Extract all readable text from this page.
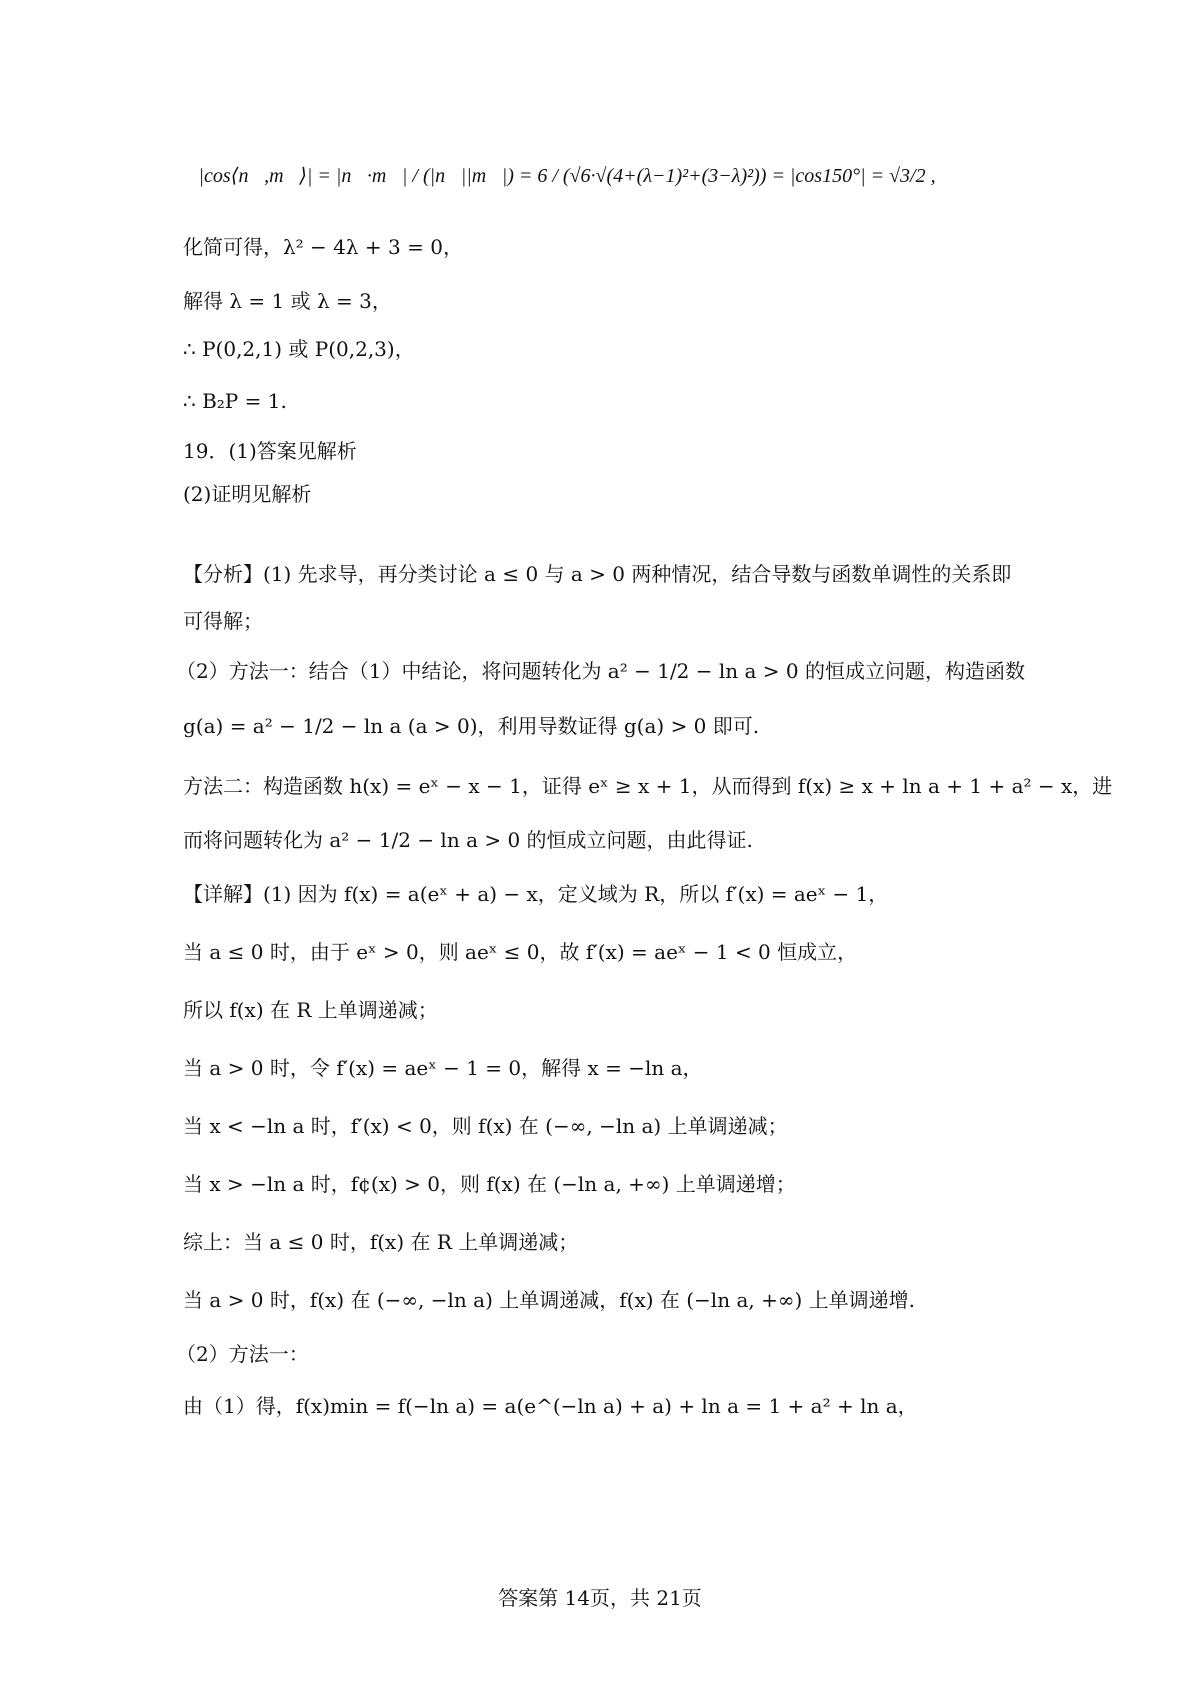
∴|cos⟨n⃗,m⃗⟩| = |n⃗·m⃗| / (|n⃗||m⃗|) = 6 / (√6·√(4+(λ−1)²+(3−λ)²)) = |cos150°| = √3/2 ,
化简可得，λ² − 4λ + 3 = 0，
解得 λ = 1 或 λ = 3，
∴ P(0,2,1) 或 P(0,2,3)，
∴ B₂P = 1.
19．(1)答案见解析
(2)证明见解析
【分析】(1) 先求导，再分类讨论 a ≤ 0 与 a > 0 两种情况，结合导数与函数单调性的关系即
可得解；
（2）方法一：结合（1）中结论，将问题转化为 a² − 1/2 − ln a > 0 的恒成立问题，构造函数
g(a) = a² − 1/2 − ln a (a > 0)，利用导数证得 g(a) > 0 即可.
方法二：构造函数 h(x) = eˣ − x − 1，证得 eˣ ≥ x + 1，从而得到 f(x) ≥ x + ln a + 1 + a² − x，进
而将问题转化为 a² − 1/2 − ln a > 0 的恒成立问题，由此得证.
【详解】(1) 因为 f(x) = a(eˣ + a) − x，定义域为 R，所以 f′(x) = aeˣ − 1，
当 a ≤ 0 时，由于 eˣ > 0，则 aeˣ ≤ 0，故 f′(x) = aeˣ − 1 < 0 恒成立，
所以 f(x) 在 R 上单调递减；
当 a > 0 时，令 f′(x) = aeˣ − 1 = 0，解得 x = −ln a，
当 x < −ln a 时，f′(x) < 0，则 f(x) 在 (−∞, −ln a) 上单调递减；
当 x > −ln a 时，f¢(x) > 0，则 f(x) 在 (−ln a, +∞) 上单调递增；
综上：当 a ≤ 0 时，f(x) 在 R 上单调递减；
当 a > 0 时，f(x) 在 (−∞, −ln a) 上单调递减，f(x) 在 (−ln a, +∞) 上单调递增.
（2）方法一：
由（1）得，f(x)min = f(−ln a) = a(e^(−ln a) + a) + ln a = 1 + a² + ln a，
答案第 14页，共 21页
